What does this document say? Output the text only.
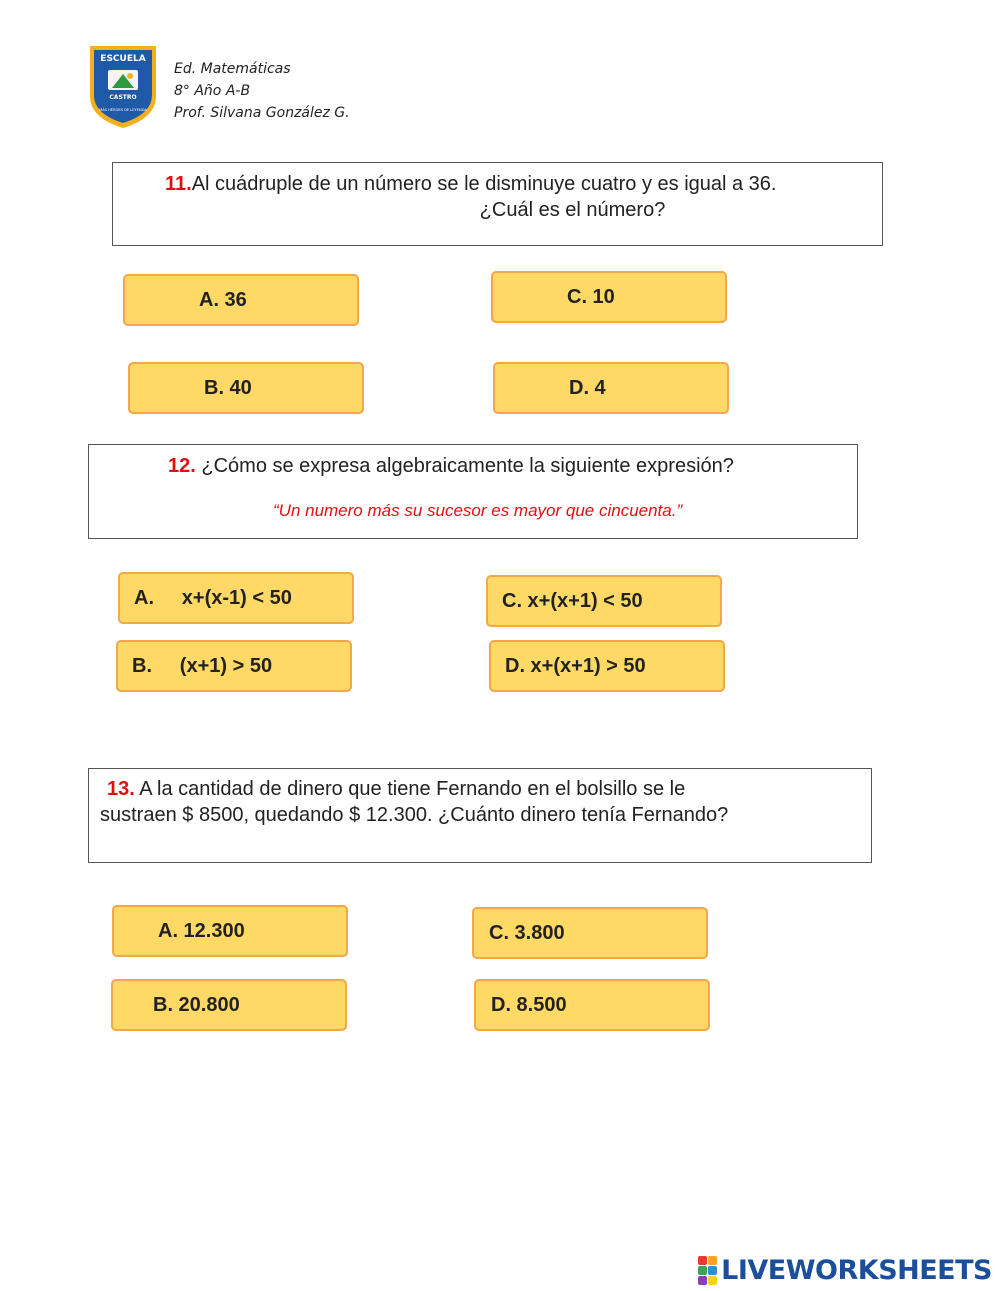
ESCUELA
CASTRO
MÁS HÉROES DE LEYENDA
Ed. Matemáticas
8° Año A-B
Prof. Silvana González G.
11.Al cuádruple de un número se le disminuye cuatro y es igual a 36.
¿Cuál es el número?
A. 36	C. 10
B. 40	D. 4
12. ¿Cómo se expresa algebraicamente la siguiente expresión?
“Un numero más su sucesor es mayor que cincuenta.”
A.     x+(x-1) < 50	C. x+(x+1) < 50
B.     (x+1) > 50	D. x+(x+1) > 50
13. A la cantidad de dinero que tiene Fernando en el bolsillo se le
sustraen $ 8500, quedando $ 12.300. ¿Cuánto dinero tenía Fernando?
A. 12.300	C. 3.800
B. 20.800	D. 8.500
LIVEWORKSHEETS
